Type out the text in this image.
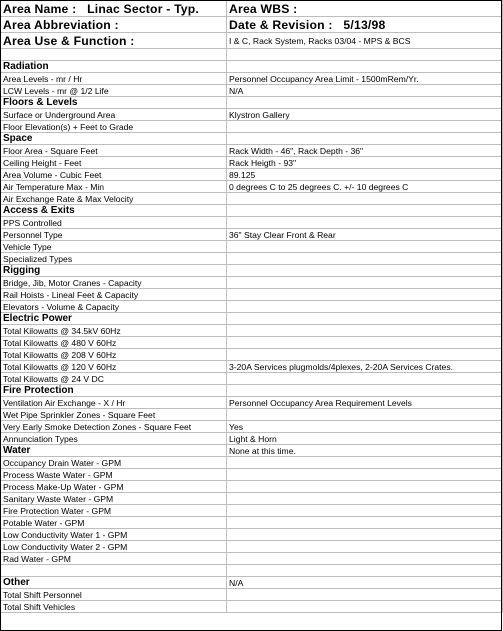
Area Name : Linac Sector - Typ.	Area WBS :
Area Abbreviation :	Date & Revision : 5/13/98
Area Use & Function :	I & C, Rack System, Racks 03/04 - MPS & BCS

Radiation	
Area Levels - mr / Hr	Personnel Occupancy Area Limit - 1500mRem/Yr.
LCW Levels - mr @ 1/2 Life	N/A
Floors & Levels	
Surface or Underground Area	Klystron Gallery
Floor Elevation(s) + Feet to Grade	
Space	
Floor Area - Square Feet	Rack Width - 46", Rack Depth - 36"
Ceiling Height - Feet	Rack Heigth - 93"
Area Volume - Cubic Feet	89.125
Air Temperature Max - Min	0 degrees C to 25 degrees C. +/- 10 degrees C
Air Exchange Rate & Max Velocity	
Access & Exits	
PPS Controlled	
Personnel Type	36" Stay Clear Front & Rear
Vehicle Type	
Specialized Types	
Rigging	
Bridge, Jib, Motor Cranes - Capacity	
Rail Hoists - Lineal Feet & Capacity	
Elevators - Volume & Capacity	
Electric Power	
Total Kilowatts @ 34.5kV 60Hz	
Total Kilowatts @ 480 V 60Hz	
Total Kilowatts @ 208 V 60Hz	
Total Kilowatts @ 120 V 60Hz	3-20A Services plugmolds/4plexes, 2-20A Services Crates.
Total Kilowatts @ 24 V DC	
Fire Protection	
Ventilation Air Exchange - X / Hr	Personnel Occupancy Area Requirement Levels
Wet Pipe Sprinkler Zones - Square Feet	
Very Early Smoke Detection Zones - Square Feet	Yes
Annunciation Types	Light & Horn
Water	None at this time.
Occupancy Drain Water - GPM	
Process Waste Water - GPM	
Process Make-Up Water - GPM	
Sanitary Waste Water - GPM	
Fire Protection Water - GPM	
Potable Water - GPM	
Low Conductivity Water 1 - GPM	
Low Conductivity Water 2 - GPM	
Rad Water - GPM	

Other	N/A
Total Shift Personnel	
Total Shift Vehicles	
